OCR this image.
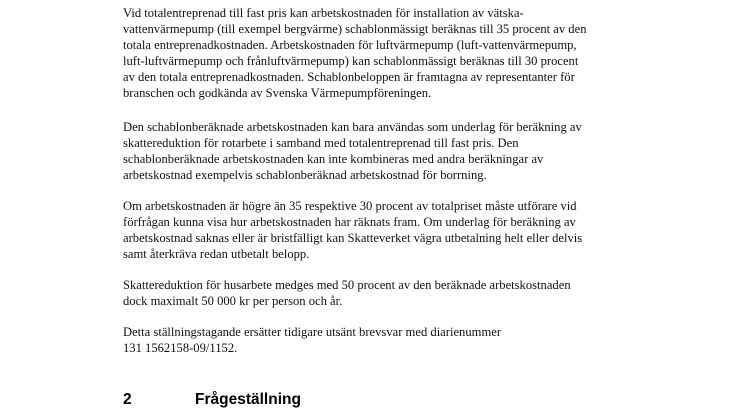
Vid totalentreprenad till fast pris kan arbetskostnaden för installation av vätska-
vattenvärmepump (till exempel bergvärme) schablonmässigt beräknas till 35 procent av den
totala entreprenadkostnaden. Arbetskostnaden för luftvärmepump (luft-vattenvärmepump,
luft-luftvärmepump och frånluftvärmepump) kan schablonmässigt beräknas till 30 procent
av den totala entreprenadkostnaden. Schablonbeloppen är framtagna av representanter för
branschen och godkända av Svenska Värmepumpföreningen.

Den schablonberäknade arbetskostnaden kan bara användas som underlag för beräkning av
skattereduktion för rotarbete i samband med totalentreprenad till fast pris. Den
schablonberäknade arbetskostnaden kan inte kombineras med andra beräkningar av
arbetskostnad exempelvis schablonberäknad arbetskostnad för borrning.

Om arbetskostnaden är högre än 35 respektive 30 procent av totalpriset måste utförare vid
förfrågan kunna visa hur arbetskostnaden har räknats fram. Om underlag för beräkning av
arbetskostnad saknas eller är bristfälligt kan Skatteverket vägra utbetalning helt eller delvis
samt återkräva redan utbetalt belopp.

Skattereduktion för husarbete medges med 50 procent av den beräknade arbetskostnaden
dock maximalt 50 000 kr per person och år.

Detta ställningstagande ersätter tidigare utsänt brevsvar med diarienummer
131 1562158-09/1152.

2	Frågeställning
